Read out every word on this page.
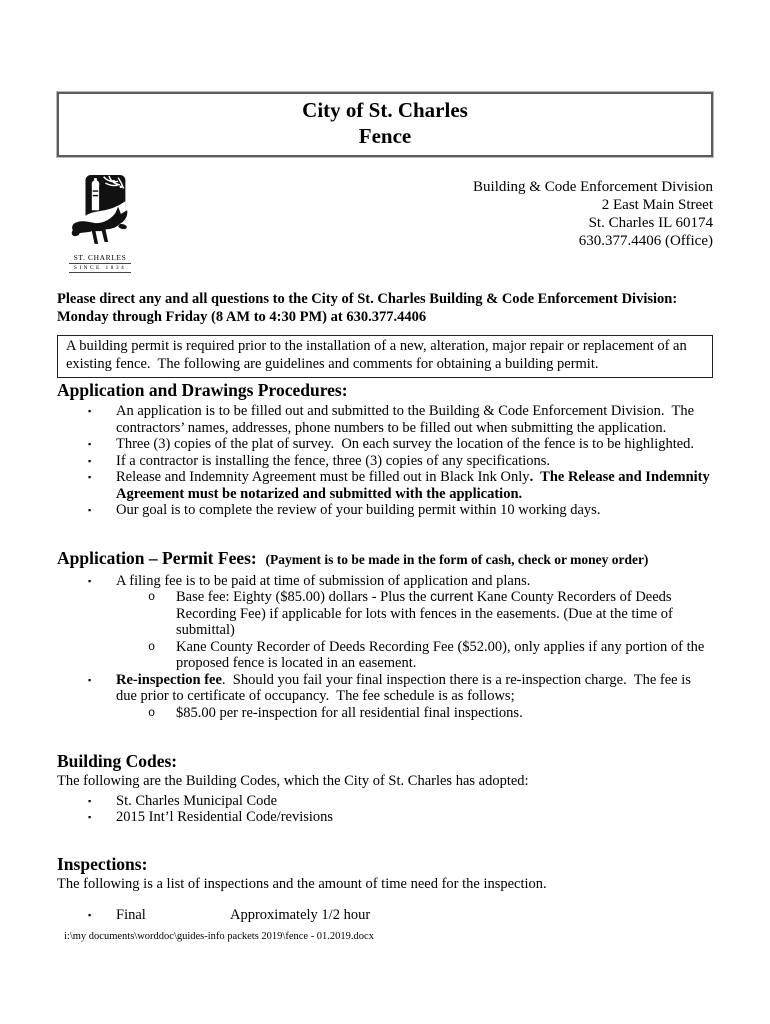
City of St. Charles
Fence
ST. CHARLES
SINCE 1834
Building & Code Enforcement Division
2 East Main Street
St. Charles IL 60174
630.377.4406 (Office)
Please direct any and all questions to the City of St. Charles Building & Code Enforcement Division:
Monday through Friday (8 AM to 4:30 PM) at 630.377.4406
A building permit is required prior to the installation of a new, alteration, major repair or replacement of an existing fence.  The following are guidelines and comments for obtaining a building permit.
Application and Drawings Procedures:
▪ An application is to be filled out and submitted to the Building & Code Enforcement Division.  The contractors’ names, addresses, phone numbers to be filled out when submitting the application.
▪ Three (3) copies of the plat of survey.  On each survey the location of the fence is to be highlighted.
▪ If a contractor is installing the fence, three (3) copies of any specifications.
▪ Release and Indemnity Agreement must be filled out in Black Ink Only.  The Release and Indemnity Agreement must be notarized and submitted with the application.
▪ Our goal is to complete the review of your building permit within 10 working days.
Application – Permit Fees: (Payment is to be made in the form of cash, check or money order)
▪ A filing fee is to be paid at time of submission of application and plans.
o Base fee: Eighty ($85.00) dollars - Plus the current Kane County Recorders of Deeds Recording Fee) if applicable for lots with fences in the easements. (Due at the time of submittal)
o Kane County Recorder of Deeds Recording Fee ($52.00), only applies if any portion of the proposed fence is located in an easement.
▪ Re-inspection fee.  Should you fail your final inspection there is a re-inspection charge.  The fee is due prior to certificate of occupancy.  The fee schedule is as follows;
o $85.00 per re-inspection for all residential final inspections.
Building Codes:
The following are the Building Codes, which the City of St. Charles has adopted:
▪ St. Charles Municipal Code
▪ 2015 Int’l Residential Code/revisions
Inspections:
The following is a list of inspections and the amount of time need for the inspection.
▪ Final	Approximately 1/2 hour
i:\my documents\worddoc\guides-info packets 2019\fence - 01.2019.docx
